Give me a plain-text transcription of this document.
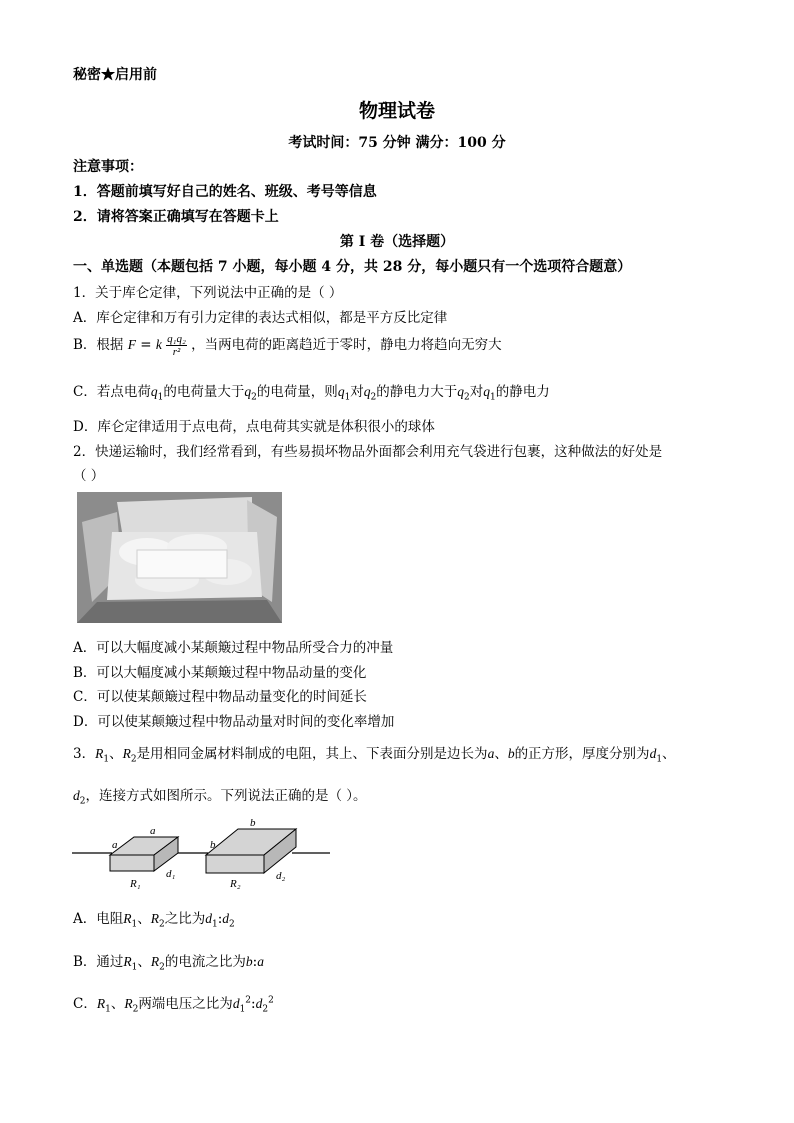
秘密★启用前
物理试卷
考试时间：75 分钟 满分：100 分
注意事项：
1．答题前填写好自己的姓名、班级、考号等信息
2．请将答案正确填写在答题卡上
第 I 卷（选择题）
一、单选题（本题包括 7 小题，每小题 4 分，共 28 分，每小题只有一个选项符合题意）
1．关于库仑定律，下列说法中正确的是（ ）
A．库仑定律和万有引力定律的表达式相似，都是平方反比定律
B．根据 F = k $\frac{\text{q₁q₂}}{\text{r²}}$ ，当两电荷的距离趋近于零时，静电力将趋向无穷大
C．若点电荷$q_1$的电荷量大于$q_2$的电荷量，则$q_1$对$q_2$的静电力大于$q_2$对$q_1$的静电力
D．库仑定律适用于点电荷，点电荷其实就是体积很小的球体
2．快递运输时，我们经常看到，有些易损坏物品外面都会利用充气袋进行包裹，这种做法的好处是
（ ）
A．可以大幅度减小某颠簸过程中物品所受合力的冲量
B．可以大幅度减小某颠簸过程中物品动量的变化
C．可以使某颠簸过程中物品动量变化的时间延长
D．可以使某颠簸过程中物品动量对时间的变化率增加
3．$R_1$、$R_2$是用相同金属材料制成的电阻，其上、下表面分别是边长为a、b的正方形，厚度分别为$d_1$、
$d_2$，连接方式如图所示。下列说法正确的是（ ）。
a
a
b
b
R₁
d₁
R₂
d₂
A．电阻$R_1$、$R_2$之比为$d_1:d_2$
B．通过$R_1$、$R_2$的电流之比为b:a
C．$R_1$、$R_2$两端电压之比为$d_1^2:d_2^2$
